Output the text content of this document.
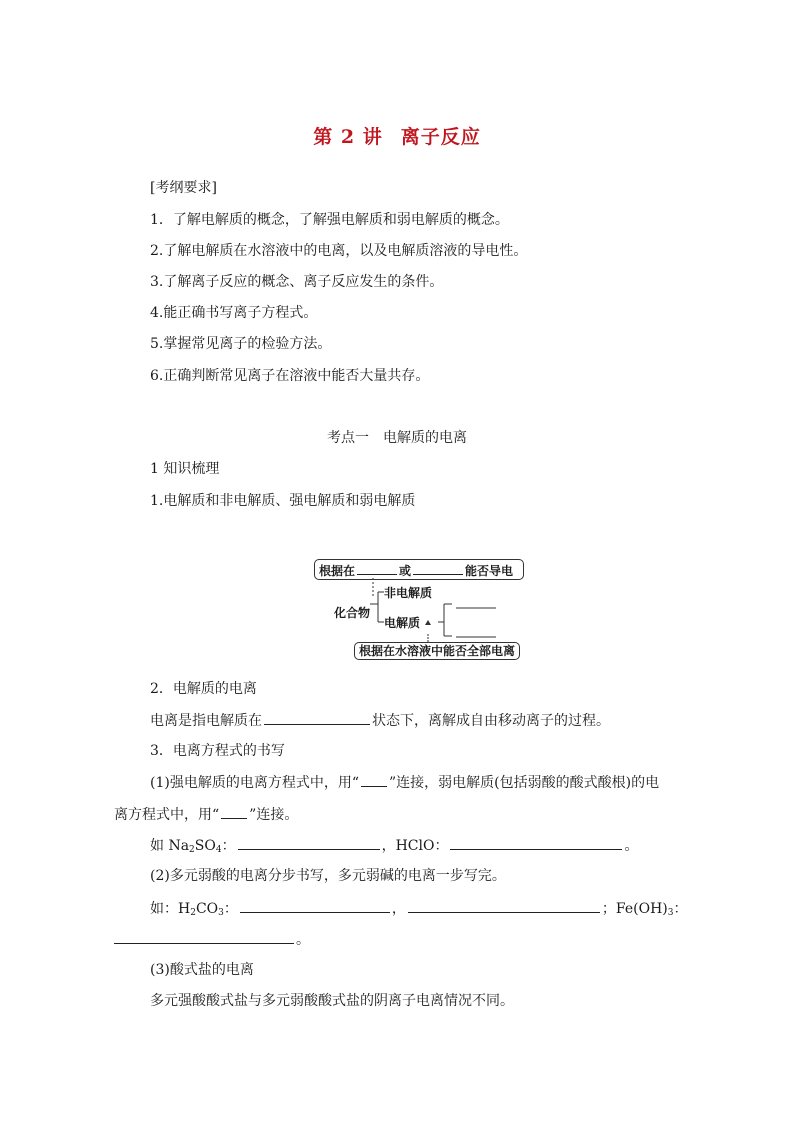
第 2 讲 离子反应
[考纲要求]
1．了解电解质的概念，了解强电解质和弱电解质的概念。
2.了解电解质在水溶液中的电离，以及电解质溶液的导电性。
3.了解离子反应的概念、离子反应发生的条件。
4.能正确书写离子方程式。
5.掌握常见离子的检验方法。
6.正确判断常见离子在溶液中能否大量共存。
考点一　电解质的电离
1 知识梳理
1.电解质和非电解质、强电解质和弱电解质
根据在	或	能否导电
化合物
非电解质
电解质
根据在水溶液中能否全部电离
2．电解质的电离
电离是指电解质在	状态下，离解成自由移动离子的过程。
3．电离方程式的书写
(1)强电解质的电离方程式中，用“ ”连接，弱电解质(包括弱酸的酸式酸根)的电
离方程式中，用“ ”连接。
如 $Na_2SO_4$：	，HClO：	。
(2)多元弱酸的电离分步书写，多元弱碱的电离一步写完。
如：$H_2CO_3$：	，	；$Fe(OH)_3$：
。
(3)酸式盐的电离
多元强酸酸式盐与多元弱酸酸式盐的阴离子电离情况不同。
